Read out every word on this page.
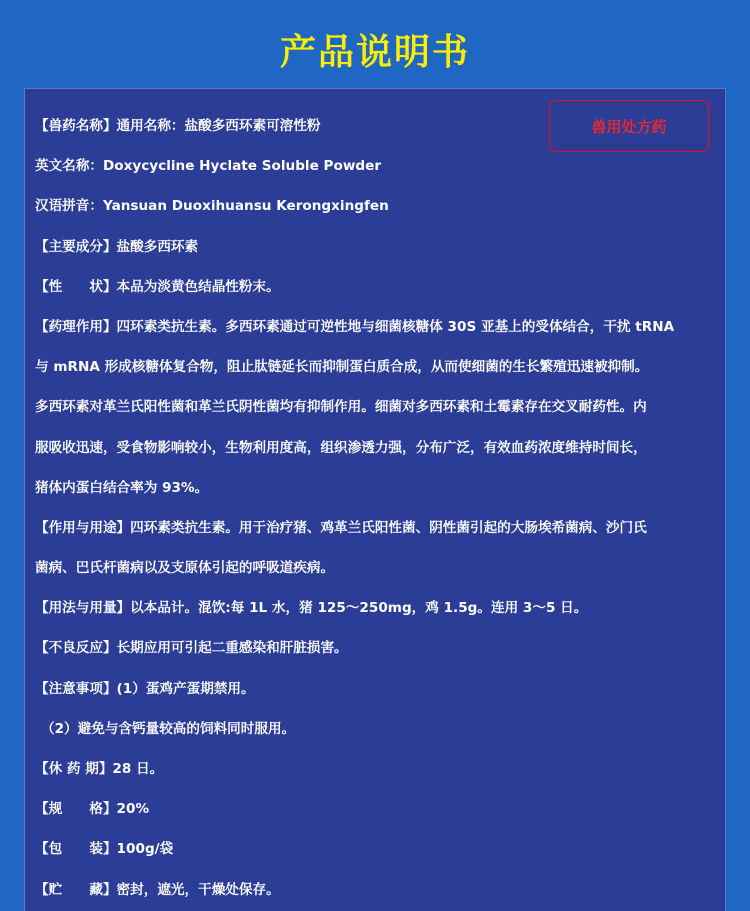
产品说明书
兽用处方药
【兽药名称】通用名称：盐酸多西环素可溶性粉
英文名称：Doxycycline Hyclate Soluble Powder
汉语拼音：Yansuan Duoxihuansu Kerongxingfen
【主要成分】盐酸多西环素
【性　　状】本品为淡黄色结晶性粉末。
【药理作用】四环素类抗生素。多西环素通过可逆性地与细菌核糖体 30S 亚基上的受体结合，干扰 tRNA
与 mRNA 形成核糖体复合物，阻止肽链延长而抑制蛋白质合成，从而使细菌的生长繁殖迅速被抑制。
多西环素对革兰氏阳性菌和革兰氏阴性菌均有抑制作用。细菌对多西环素和土霉素存在交叉耐药性。内
服吸收迅速，受食物影响较小，生物利用度高，组织渗透力强，分布广泛，有效血药浓度维持时间长，
猪体内蛋白结合率为 93%。
【作用与用途】四环素类抗生素。用于治疗猪、鸡革兰氏阳性菌、阴性菌引起的大肠埃希菌病、沙门氏
菌病、巴氏杆菌病以及支原体引起的呼吸道疾病。
【用法与用量】以本品计。混饮:每 1L 水，猪 125～250mg，鸡 1.5g。连用 3～5 日。
【不良反应】长期应用可引起二重感染和肝脏损害。
【注意事项】(1）蛋鸡产蛋期禁用。
（2）避免与含钙量较高的饲料同时服用。
【休 药 期】28 日。
【规　　格】20%
【包　　装】100g/袋
【贮　　藏】密封，遮光，干燥处保存。
